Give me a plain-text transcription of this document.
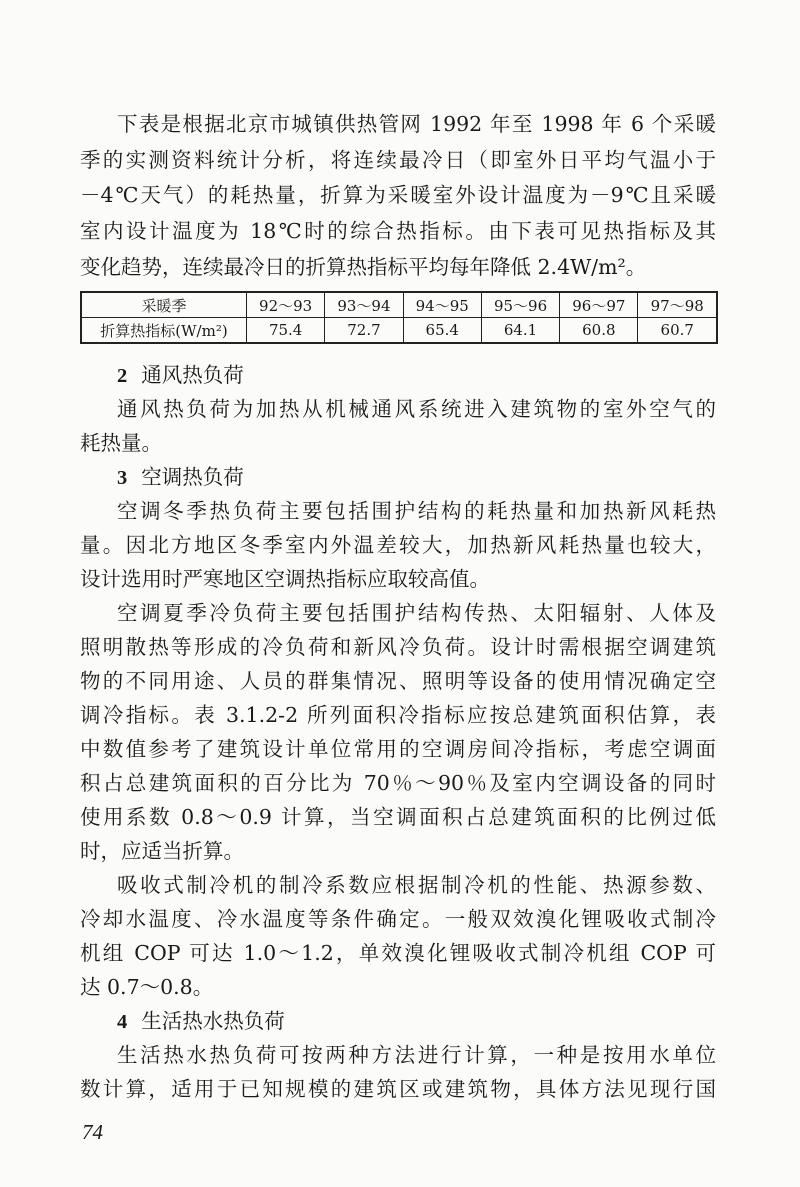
下表是根据北京市城镇供热管网 1992 年至 1998 年 6 个采暖
季的实测资料统计分析，将连续最冷日（即室外日平均气温小于
－4℃天气）的耗热量，折算为采暖室外设计温度为－9℃且采暖
室内设计温度为 18℃时的综合热指标。由下表可见热指标及其
变化趋势，连续最冷日的折算热指标平均每年降低 2.4W/m²。
采暖季	92～93	93～94	94～95	95～96	96～97	97～98
折算热指标(W/m²)	75.4	72.7	65.4	64.1	60.8	60.7
2 通风热负荷
通风热负荷为加热从机械通风系统进入建筑物的室外空气的
耗热量。
3 空调热负荷
空调冬季热负荷主要包括围护结构的耗热量和加热新风耗热
量。因北方地区冬季室内外温差较大，加热新风耗热量也较大，
设计选用时严寒地区空调热指标应取较高值。
空调夏季冷负荷主要包括围护结构传热、太阳辐射、人体及
照明散热等形成的冷负荷和新风冷负荷。设计时需根据空调建筑
物的不同用途、人员的群集情况、照明等设备的使用情况确定空
调冷指标。表 3.1.2-2 所列面积冷指标应按总建筑面积估算，表
中数值参考了建筑设计单位常用的空调房间冷指标，考虑空调面
积占总建筑面积的百分比为 70％～90％及室内空调设备的同时
使用系数 0.8～0.9 计算，当空调面积占总建筑面积的比例过低
时，应适当折算。
吸收式制冷机的制冷系数应根据制冷机的性能、热源参数、
冷却水温度、冷水温度等条件确定。一般双效溴化锂吸收式制冷
机组 COP 可达 1.0～1.2，单效溴化锂吸收式制冷机组 COP 可
达 0.7～0.8。
4 生活热水热负荷
生活热水热负荷可按两种方法进行计算，一种是按用水单位
数计算，适用于已知规模的建筑区或建筑物，具体方法见现行国
74
